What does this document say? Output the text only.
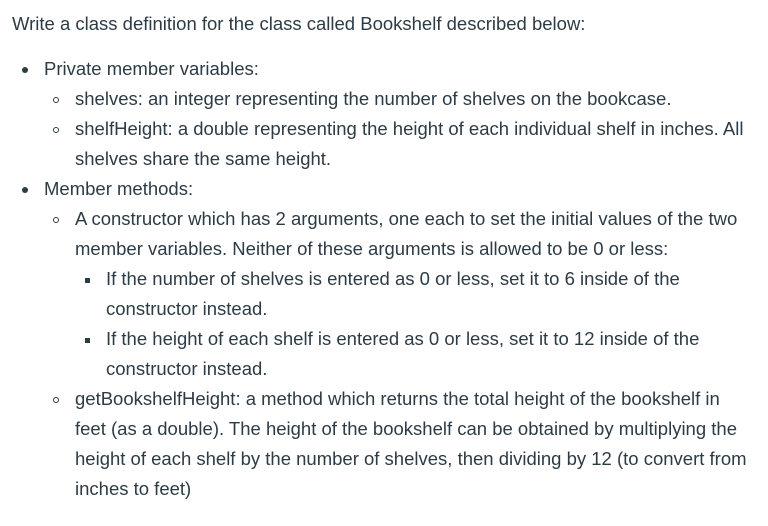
Write a class definition for the class called Bookshelf described below:

Private member variables:
shelves: an integer representing the number of shelves on the bookcase.
shelfHeight: a double representing the height of each individual shelf in inches. All shelves share the same height.
Member methods:
A constructor which has 2 arguments, one each to set the initial values of the two member variables. Neither of these arguments is allowed to be 0 or less:
If the number of shelves is entered as 0 or less, set it to 6 inside of the constructor instead.
If the height of each shelf is entered as 0 or less, set it to 12 inside of the constructor instead.
getBookshelfHeight: a method which returns the total height of the bookshelf in feet (as a double). The height of the bookshelf can be obtained by multiplying the height of each shelf by the number of shelves, then dividing by 12 (to convert from inches to feet)
